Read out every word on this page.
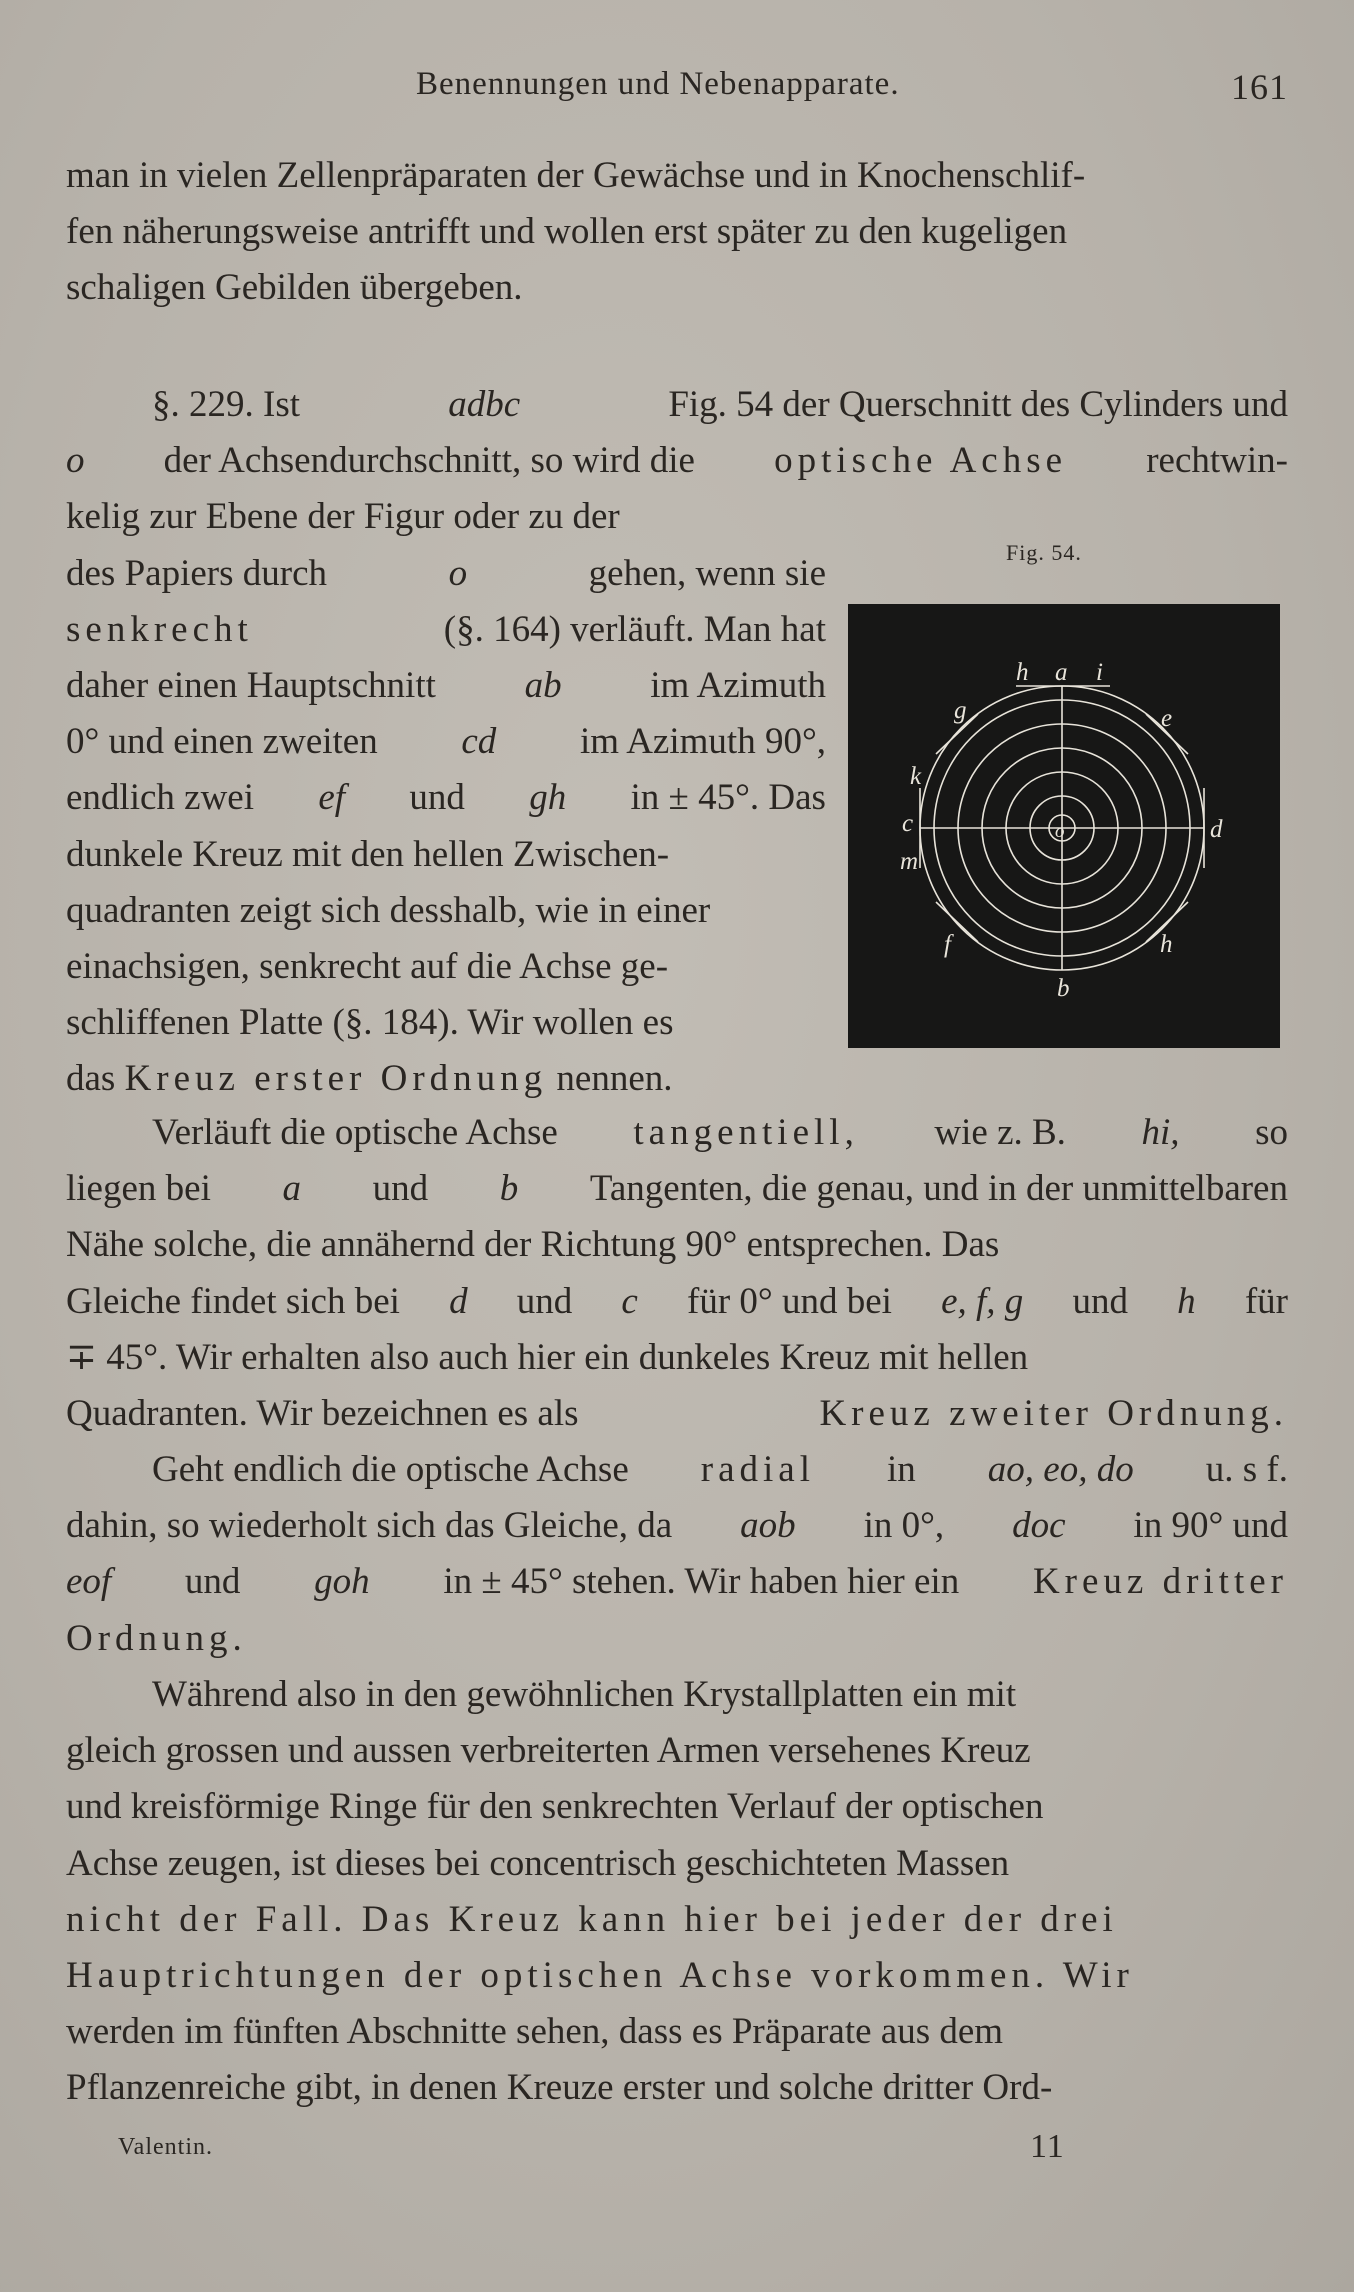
Benennungen und Nebenapparate.	161
man in vielen Zellenpräparaten der Gewächse und in Knochenschlif-
fen näherungsweise antrifft und wollen erst später zu den kugeligen
schaligen Gebilden übergeben.
§. 229. Ist	adbc	Fig. 54 der Querschnitt des Cylinders und
o der Achsendurchschnitt, so wird die optische Achse rechtwin-
kelig zur Ebene der Figur oder zu der
des Papiers durch	o	gehen, wenn sie
senkrecht	(§. 164) verläuft. Man hat
daher einen Hauptschnitt ab im Azimuth
0° und einen zweiten cd im Azimuth 90°,
endlich zwei ef und gh in ± 45°. Das
dunkele Kreuz mit den hellen Zwischen-
quadranten zeigt sich desshalb, wie in einer
einachsigen, senkrecht auf die Achse ge-
schliffenen Platte (§. 184). Wir wollen es
das
Kreuz erster Ordnung
nennen.
Fig. 54.
a
h	i
g	e
k
c
m
d
o
f	h
b
Verläuft die optische Achse tangentiell, wie z. B. hi, so
liegen bei a und b Tangenten, die genau, und in der unmittelbaren
Nähe solche, die annähernd der Richtung 90° entsprechen. Das
Gleiche findet sich bei d und c für 0° und bei e, f, g und h für
∓ 45°. Wir erhalten also auch hier ein dunkeles Kreuz mit hellen
Quadranten. Wir bezeichnen es als	Kreuz zweiter Ordnung.
Geht endlich die optische Achse radial in ao, eo, do u. s f.
dahin, so wiederholt sich das Gleiche, da aob in 0°, doc in 90° und
eof und goh in ± 45° stehen. Wir haben hier ein Kreuz dritter
Ordnung.
Während also in den gewöhnlichen Krystallplatten ein mit
gleich grossen und aussen verbreiterten Armen versehenes Kreuz
und kreisförmige Ringe für den senkrechten Verlauf der optischen
Achse zeugen, ist dieses bei concentrisch geschichteten Massen
nicht der Fall. Das Kreuz kann hier bei jeder der drei
Hauptrichtungen der optischen Achse vorkommen. Wir
werden im fünften Abschnitte sehen, dass es Präparate aus dem
Pflanzenreiche gibt, in denen Kreuze erster und solche dritter Ord-
Valentin.	11
